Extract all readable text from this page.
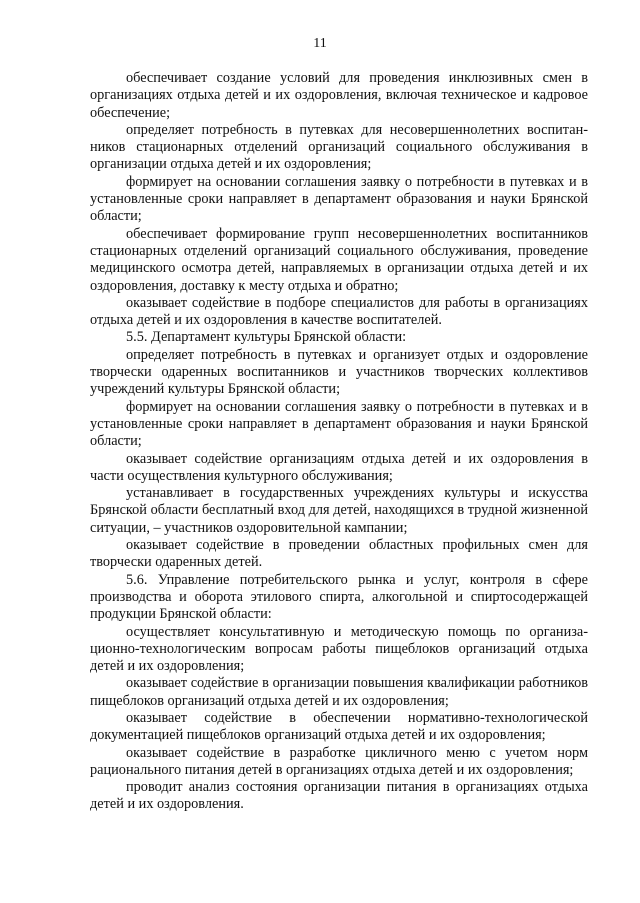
11

обеспечивает создание условий для проведения инклюзивных смен в организациях отдыха детей и их оздоровления, включая техническое и кадровое обеспечение;

определяет потребность в путевках для несовершеннолетних воспитанников стационарных отделений организаций социального обслуживания в организации отдыха детей и их оздоровления;

формирует на основании соглашения заявку о потребности в путевках и в установленные сроки направляет в департамент образования и науки Брянской области;

обеспечивает формирование групп несовершеннолетних воспитанников стационарных отделений организаций социального обслуживания, проведение медицинского осмотра детей, направляемых в организации отдыха детей и их оздоровления, доставку к месту отдыха и обратно;

оказывает содействие в подборе специалистов для работы в организациях отдыха детей и их оздоровления в качестве воспитателей.

5.5. Департамент культуры Брянской области:

определяет потребность в путевках и организует отдых и оздоровление творчески одаренных воспитанников и участников творческих коллективов учреждений культуры Брянской области;

формирует на основании соглашения заявку о потребности в путевках и в установленные сроки направляет в департамент образования и науки Брянской области;

оказывает содействие организациям отдыха детей и их оздоровления в части осуществления культурного обслуживания;

устанавливает в государственных учреждениях культуры и искусства Брянской области бесплатный вход для детей, находящихся в трудной жизненной ситуации, – участников оздоровительной кампании;

оказывает содействие в проведении областных профильных смен для творчески одаренных детей.

5.6. Управление потребительского рынка и услуг, контроля в сфере производства и оборота этилового спирта, алкогольной и спиртосодержащей продукции Брянской области:

осуществляет консультативную и методическую помощь по организационно-технологическим вопросам работы пищеблоков организаций отдыха детей и их оздоровления;

оказывает содействие в организации повышения квалификации работников пищеблоков организаций отдыха детей и их оздоровления;

оказывает содействие в обеспечении нормативно-технологической документацией пищеблоков организаций отдыха детей и их оздоровления;

оказывает содействие в разработке цикличного меню с учетом норм рационального питания детей в организациях отдыха детей и их оздоровления;

проводит анализ состояния организации питания в организациях отдыха детей и их оздоровления.
